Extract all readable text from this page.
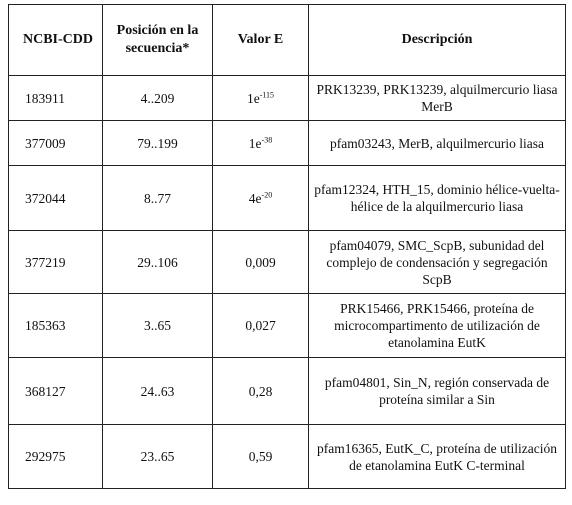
NCBI-CDD	Posición en la secuencia*	Valor E	Descripción
183911	4..209	$1e^{-115}$	PRK13239, PRK13239, alquilmercurio liasa MerB
377009	79..199	$1e^{-38}$	pfam03243, MerB, alquilmercurio liasa
372044	8..77	$4e^{-20}$	pfam12324, HTH_15, dominio hélice-vuelta-hélice de la alquilmercurio liasa
377219	29..106	0,009	pfam04079, SMC_ScpB, subunidad del complejo de condensación y segregación ScpB
185363	3..65	0,027	PRK15466, PRK15466, proteína de microcompartimento de utilización de etanolamina EutK
368127	24..63	0,28	pfam04801, Sin_N, región conservada de proteína similar a Sin
292975	23..65	0,59	pfam16365, EutK_C, proteína de utilización de etanolamina EutK C-terminal
